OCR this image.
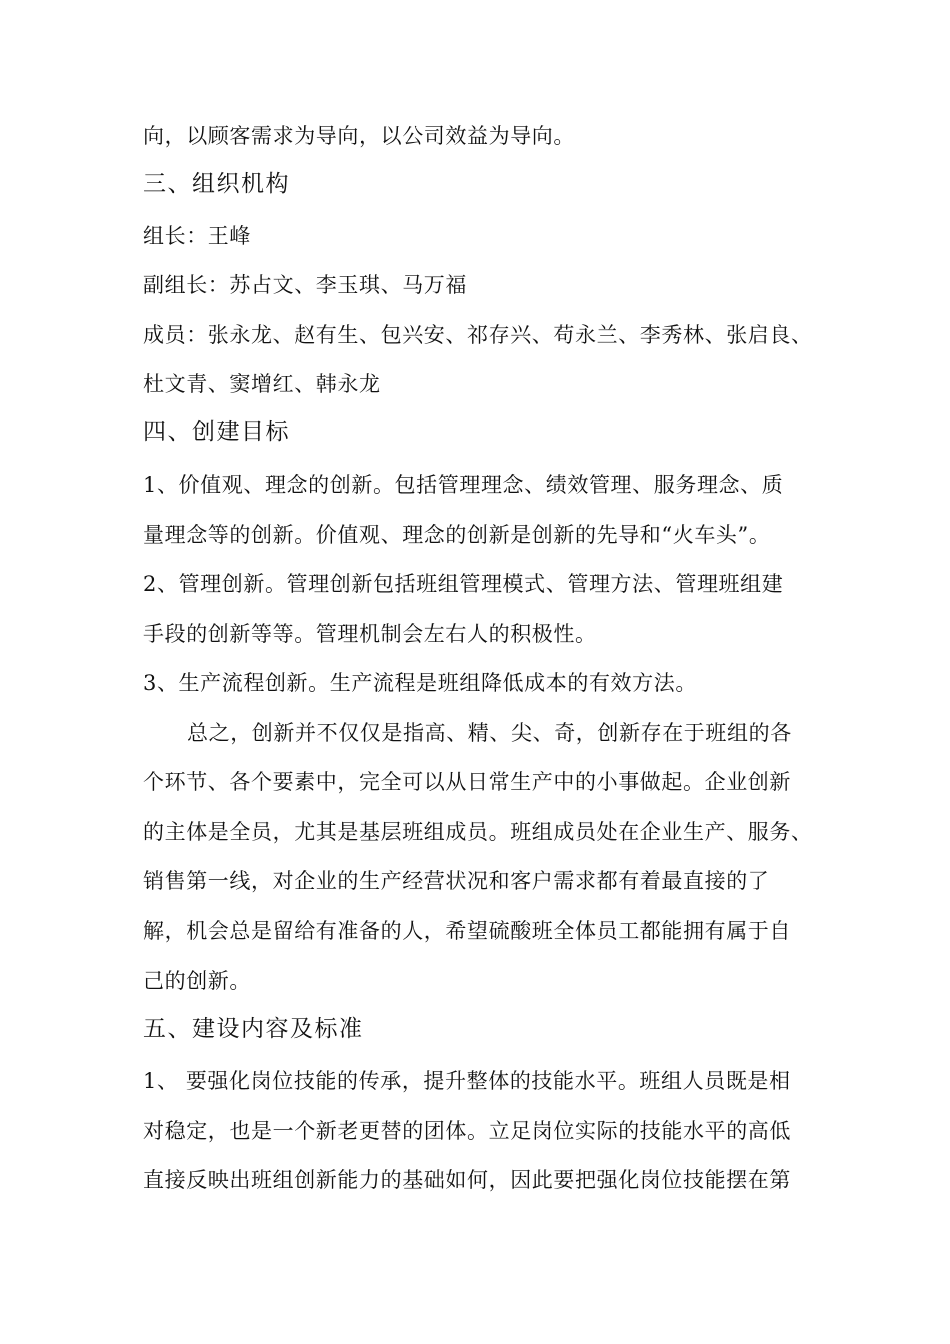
向，以顾客需求为导向，以公司效益为导向。
三、组织机构
组长：王峰
副组长：苏占文、李玉琪、马万福
成员：张永龙、赵有生、包兴安、祁存兴、苟永兰、李秀林、张启良、
杜文青、窦增红、韩永龙
四、创建目标
1、价值观、理念的创新。包括管理理念、绩效管理、服务理念、质
量理念等的创新。价值观、理念的创新是创新的先导和“火车头”。
2、管理创新。管理创新包括班组管理模式、管理方法、管理班组建
手段的创新等等。管理机制会左右人的积极性。
3、生产流程创新。生产流程是班组降低成本的有效方法。
总之，创新并不仅仅是指高、精、尖、奇，创新存在于班组的各
个环节、各个要素中，完全可以从日常生产中的小事做起。企业创新
的主体是全员，尤其是基层班组成员。班组成员处在企业生产、服务、
销售第一线，对企业的生产经营状况和客户需求都有着最直接的了
解，机会总是留给有准备的人，希望硫酸班全体员工都能拥有属于自
己的创新。
五、建设内容及标准
1、 要强化岗位技能的传承，提升整体的技能水平。班组人员既是相
对稳定，也是一个新老更替的团体。立足岗位实际的技能水平的高低
直接反映出班组创新能力的基础如何，因此要把强化岗位技能摆在第
